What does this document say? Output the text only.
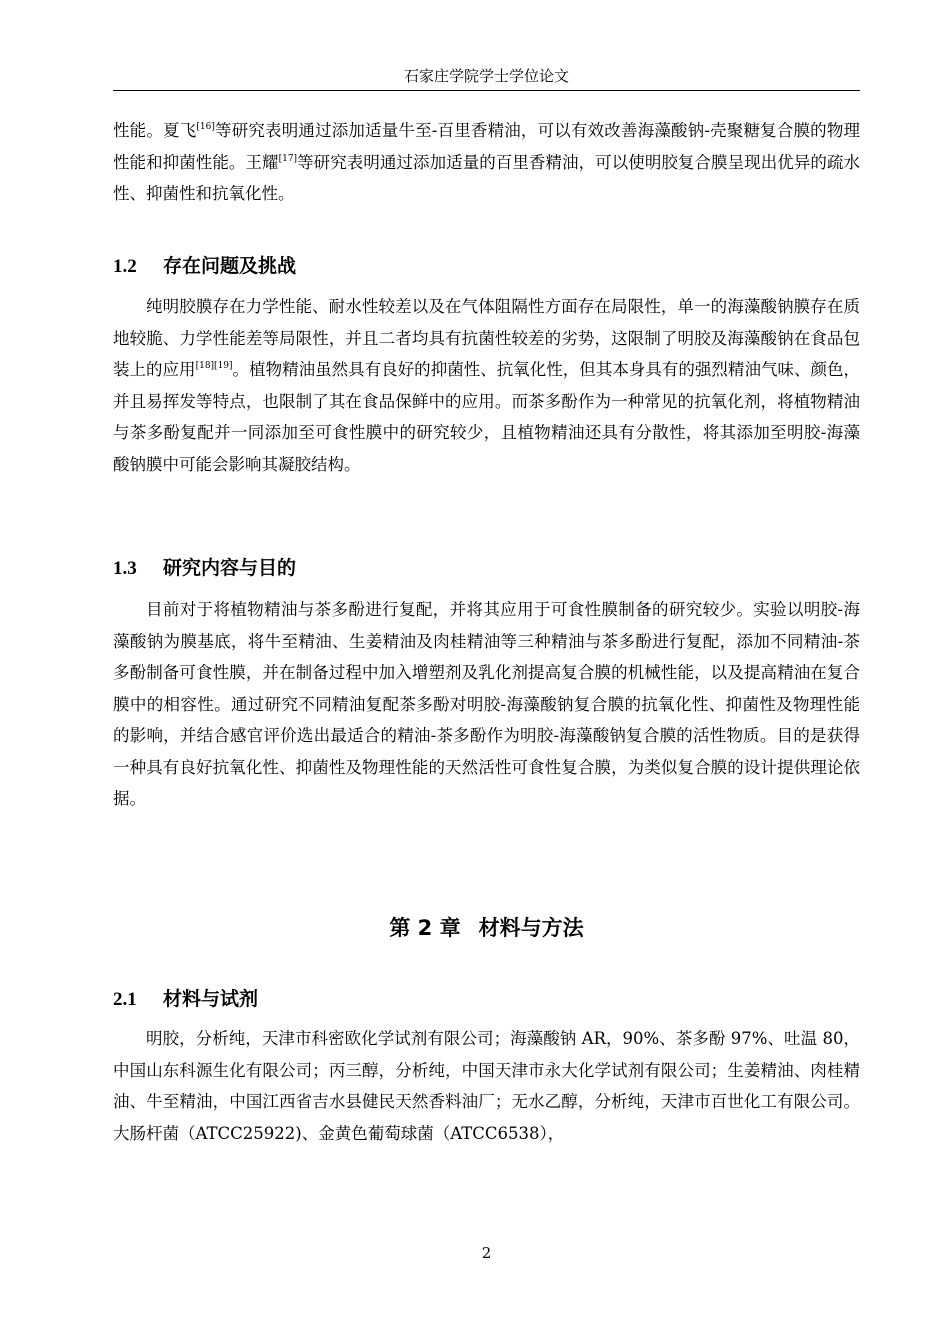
石家庄学院学士学位论文

性能。夏飞[16]等研究表明通过添加适量牛至-百里香精油，可以有效改善海藻酸钠-壳聚糖复合膜的物理性能和抑菌性能。王耀[17]等研究表明通过添加适量的百里香精油，可以使明胶复合膜呈现出优异的疏水性、抑菌性和抗氧化性。

1.2 存在问题及挑战

纯明胶膜存在力学性能、耐水性较差以及在气体阻隔性方面存在局限性，单一的海藻酸钠膜存在质地较脆、力学性能差等局限性，并且二者均具有抗菌性较差的劣势，这限制了明胶及海藻酸钠在食品包装上的应用[18][19]。植物精油虽然具有良好的抑菌性、抗氧化性，但其本身具有的强烈精油气味、颜色，并且易挥发等特点，也限制了其在食品保鲜中的应用。而茶多酚作为一种常见的抗氧化剂，将植物精油与茶多酚复配并一同添加至可食性膜中的研究较少，且植物精油还具有分散性，将其添加至明胶-海藻酸钠膜中可能会影响其凝胶结构。

1.3 研究内容与目的

目前对于将植物精油与茶多酚进行复配，并将其应用于可食性膜制备的研究较少。实验以明胶-海藻酸钠为膜基底，将牛至精油、生姜精油及肉桂精油等三种精油与茶多酚进行复配，添加不同精油-茶多酚制备可食性膜，并在制备过程中加入增塑剂及乳化剂提高复合膜的机械性能，以及提高精油在复合膜中的相容性。通过研究不同精油复配茶多酚对明胶-海藻酸钠复合膜的抗氧化性、抑菌性及物理性能的影响，并结合感官评价选出最适合的精油-茶多酚作为明胶-海藻酸钠复合膜的活性物质。目的是获得一种具有良好抗氧化性、抑菌性及物理性能的天然活性可食性复合膜，为类似复合膜的设计提供理论依据。

第 2 章 材料与方法
2.1 材料与试剂

明胶，分析纯，天津市科密欧化学试剂有限公司；海藻酸钠 AR，90%、茶多酚 97%、吐温 80，中国山东科源生化有限公司；丙三醇，分析纯，中国天津市永大化学试剂有限公司；生姜精油、肉桂精油、牛至精油，中国江西省吉水县健民天然香料油厂；无水乙醇，分析纯，天津市百世化工有限公司。大肠杆菌（ATCC25922)、金黄色葡萄球菌（ATCC6538），

2
